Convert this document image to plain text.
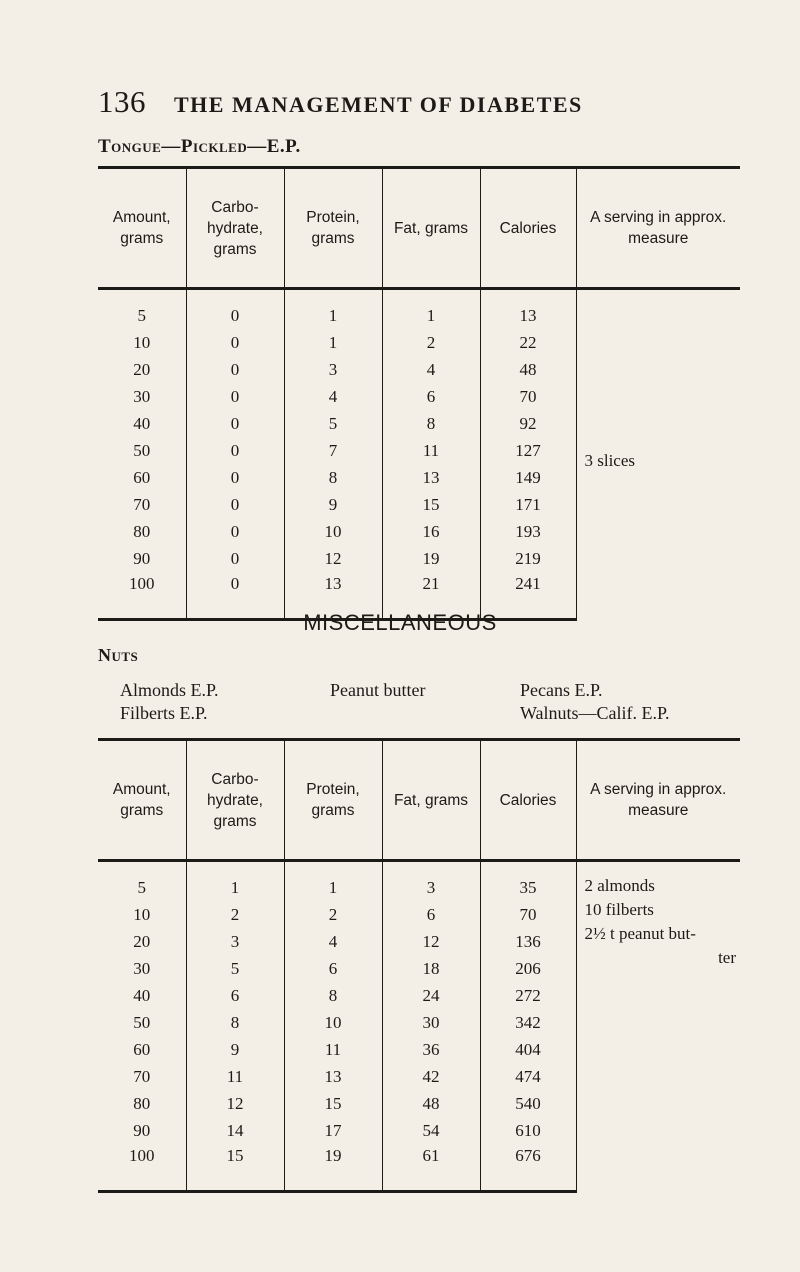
136 THE MANAGEMENT OF DIABETES
Tongue—Pickled—E.P.
Amount, grams	Carbo-hydrate, grams	Protein, grams	Fat, grams	Calories	A serving in approx. measure
5	0	1	1	13	3 slices
10	0	1	2	22	
20	0	3	4	48	
30	0	4	6	70	
40	0	5	8	92	
50	0	7	11	127	
60	0	8	13	149	
70	0	9	15	171	
80	0	10	16	193	
90	0	12	19	219	
100	0	13	21	241	
MISCELLANEOUS
Nuts
Almonds E.P.	Peanut butter	Pecans E.P.
Filberts E.P.	Walnuts—Calif. E.P.
Amount, grams	Carbo-hydrate, grams	Protein, grams	Fat, grams	Calories	A serving in approx. measure
5	1	1	3	35	2 almonds
10 filberts
2½ t peanut but-
ter

10	2	2	6	70	
20	3	4	12	136	
30	5	6	18	206	
40	6	8	24	272	
50	8	10	30	342	
60	9	11	36	404	
70	11	13	42	474	
80	12	15	48	540	
90	14	17	54	610	
100	15	19	61	676	
